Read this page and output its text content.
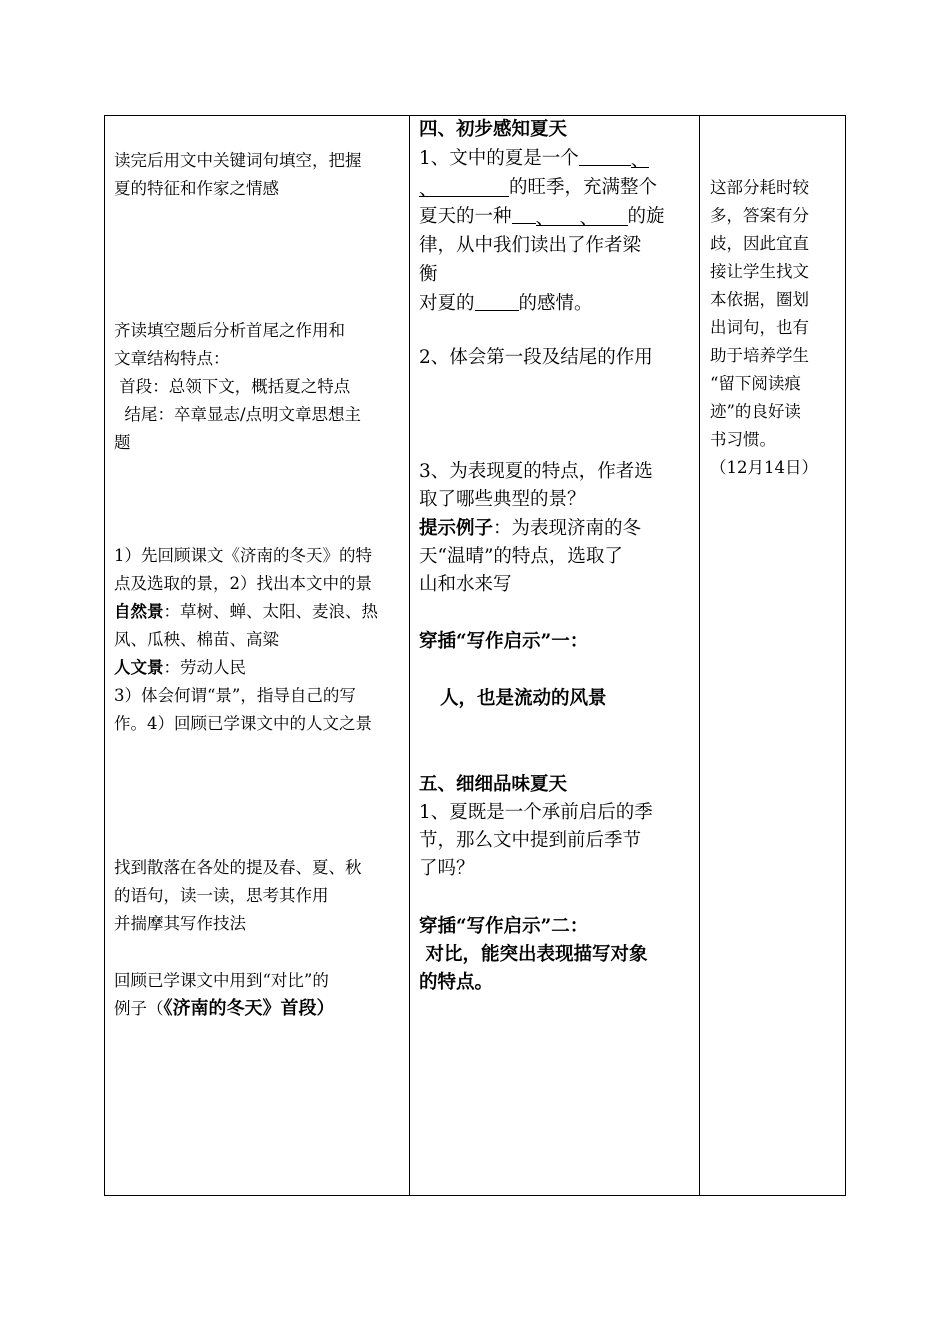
读完后用文中关键词句填空，把握
夏的特征和作家之情感
齐读填空题后分析首尾之作用和
文章结构特点：
首段：总领下文，概括夏之特点
结尾：卒章显志/点明文章思想主
题
1）先回顾课文《济南的冬天》的特
点及选取的景，2）找出本文中的景
自然景：草树、蝉、太阳、麦浪、热
风、瓜秧、棉苗、高粱
人文景：劳动人民
3）体会何谓“景”，指导自己的写
作。4）回顾已学课文中的人文之景
找到散落在各处的提及春、夏、秋
的语句，读一读，思考其作用
并揣摩其写作技法
回顾已学课文中用到“对比”的
例子（《济南的冬天》首段）

四、初步感知夏天
1、文中的夏是一个	、
、	的旺季，充满整个
夏天的一种 、 、 的旋
律，从中我们读出了作者梁
衡
对夏的 的感情。
2、体会第一段及结尾的作用
3、为表现夏的特点，作者选
取了哪些典型的景？
提示例子：为表现济南的冬
天“温晴”的特点，选取了
山和水来写
穿插“写作启示”一：
人，也是流动的风景
五、细细品味夏天
1、夏既是一个承前启后的季
节，那么文中提到前后季节
了吗？
穿插“写作启示”二：
对比，能突出表现描写对象
的特点。

这部分耗时较
多，答案有分
歧，因此宜直
接让学生找文
本依据，圈划
出词句，也有
助于培养学生
“留下阅读痕
迹”的良好读
书习惯。
（12月14日）
